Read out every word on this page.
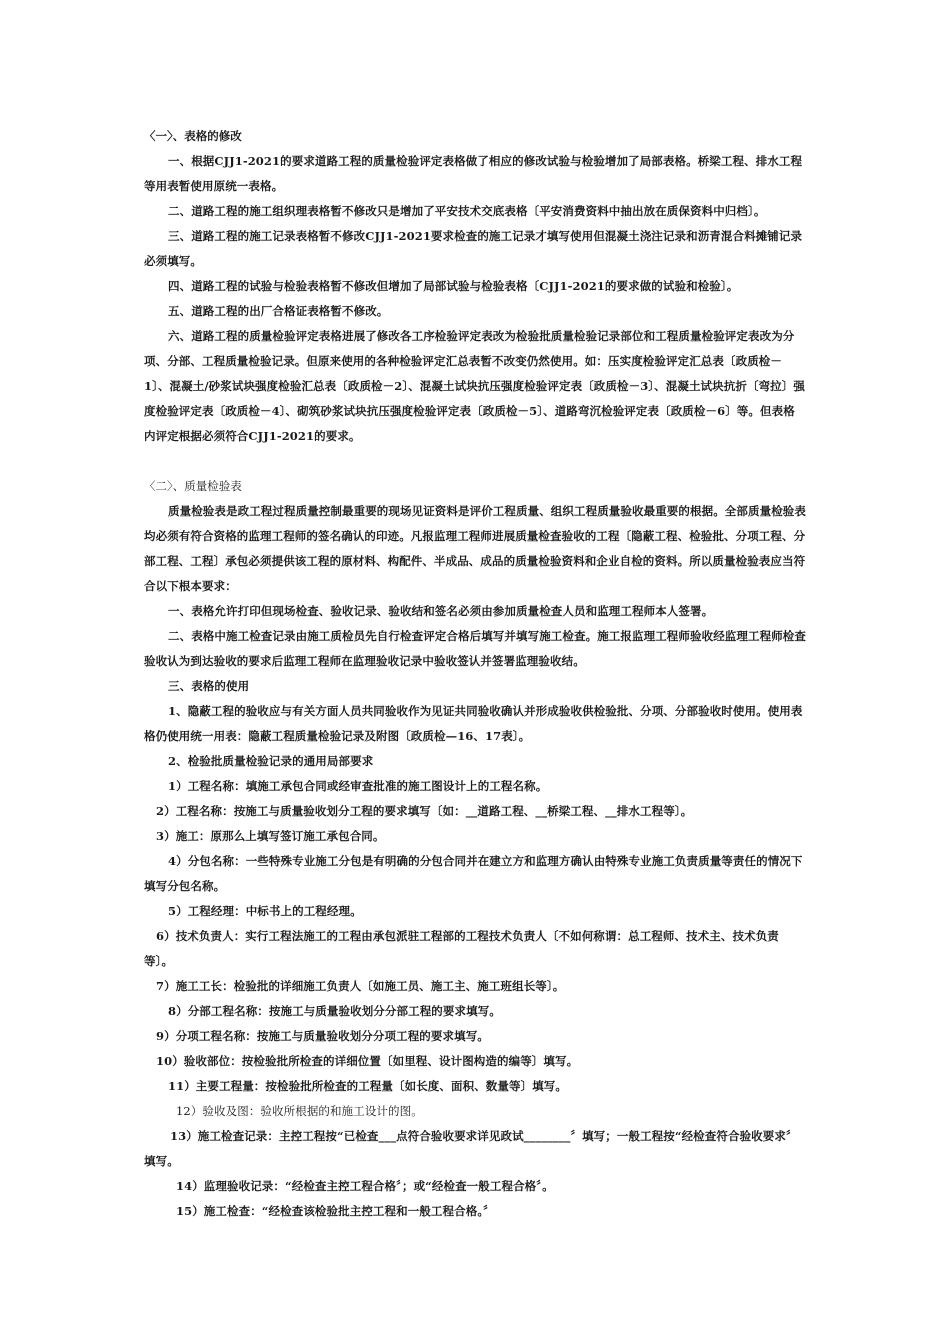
〈一〉、表格的修改

一、根据CJJ1-2021的要求道路工程的质量检验评定表格做了相应的修改试验与检验增加了局部表格。桥梁工程、排水工程等用表暂使用原统一表格。

二、道路工程的施工组织理表格暂不修改只是增加了平安技术交底表格〔平安消费资料中抽出放在质保资料中归档〕。

三、道路工程的施工记录表格暂不修改CJJ1-2021要求检查的施工记录才填写使用但混凝土浇注记录和沥青混合料摊铺记录必须填写。

四、道路工程的试验与检验表格暂不修改但增加了局部试验与检验表格〔CJJ1-2021的要求做的试验和检验〕。

五、道路工程的出厂合格证表格暂不修改。

六、道路工程的质量检验评定表格进展了修改各工序检验评定表改为检验批质量检验记录部位和工程质量检验评定表改为分项、分部、工程质量检验记录。但原来使用的各种检验评定汇总表暂不改变仍然使用。如：压实度检验评定汇总表〔政质检－1〕、混凝土/砂浆试块强度检验汇总表〔政质检－2〕、混凝土试块抗压强度检验评定表〔政质检－3〕、混凝土试块抗折〔弯拉〕强度检验评定表〔政质检－4〕、砌筑砂浆试块抗压强度检验评定表〔政质检－5〕、道路弯沉检验评定表〔政质检－6〕等。但表格内评定根据必须符合CJJ1-2021的要求。

〈二〉、质量检验表

质量检验表是政工程过程质量控制最重要的现场见证资料是评价工程质量、组织工程质量验收最重要的根据。全部质量检验表均必须有符合资格的监理工程师的签名确认的印迹。凡报监理工程师进展质量检查验收的工程〔隐蔽工程、检验批、分项工程、分部工程、工程〕承包必须提供该工程的原材料、构配件、半成品、成品的质量检验资料和企业自检的资料。所以质量检验表应当符合以下根本要求：

一、表格允许打印但现场检查、验收记录、验收结和签名必须由参加质量检查人员和监理工程师本人签署。

二、表格中施工检查记录由施工质检员先自行检查评定合格后填写并填写施工检查。施工报监理工程师验收经监理工程师检查验收认为到达验收的要求后监理工程师在监理验收记录中验收签认并签署监理验收结。

三、表格的使用

1、隐蔽工程的验收应与有关方面人员共同验收作为见证共同验收确认并形成验收供检验批、分项、分部验收时使用。使用表格仍使用统一用表：隐蔽工程质量检验记录及附图〔政质检—16、17表〕。

2、检验批质量检验记录的通用局部要求

1）工程名称：填施工承包合同或经审查批准的施工图设计上的工程名称。

2）工程名称：按施工与质量验收划分工程的要求填写〔如：__道路工程、__桥梁工程、__排水工程等〕。

3）施工：原那么上填写签订施工承包合同。

4）分包名称：一些特殊专业施工分包是有明确的分包合同并在建立方和监理方确认由特殊专业施工负责质量等责任的情况下填写分包名称。

5）工程经理：中标书上的工程经理。

6）技术负责人：实行工程法施工的工程由承包派驻工程部的工程技术负责人〔不如何称谓：总工程师、技术主、技术负责等〕。

7）施工工长：检验批的详细施工负责人〔如施工员、施工主、施工班组长等〕。

8）分部工程名称：按施工与质量验收划分分部工程的要求填写。

9）分项工程名称：按施工与质量验收划分分项工程的要求填写。

10）验收部位：按检验批所检查的详细位置〔如里程、设计图构造的编等〕填写。

11）主要工程量：按检验批所检查的工程量〔如长度、面积、数量等〕填写。

12）验收及图：验收所根据的和施工设计的图。

13）施工检查记录：主控工程按“已检查___点符合验收要求详见政试________〞填写；一般工程按“经检查符合验收要求〞填写。

14）监理验收记录：“经检查主控工程合格〞；或“经检查一般工程合格〞。

15）施工检查：“经检查该检验批主控工程和一般工程合格。〞
